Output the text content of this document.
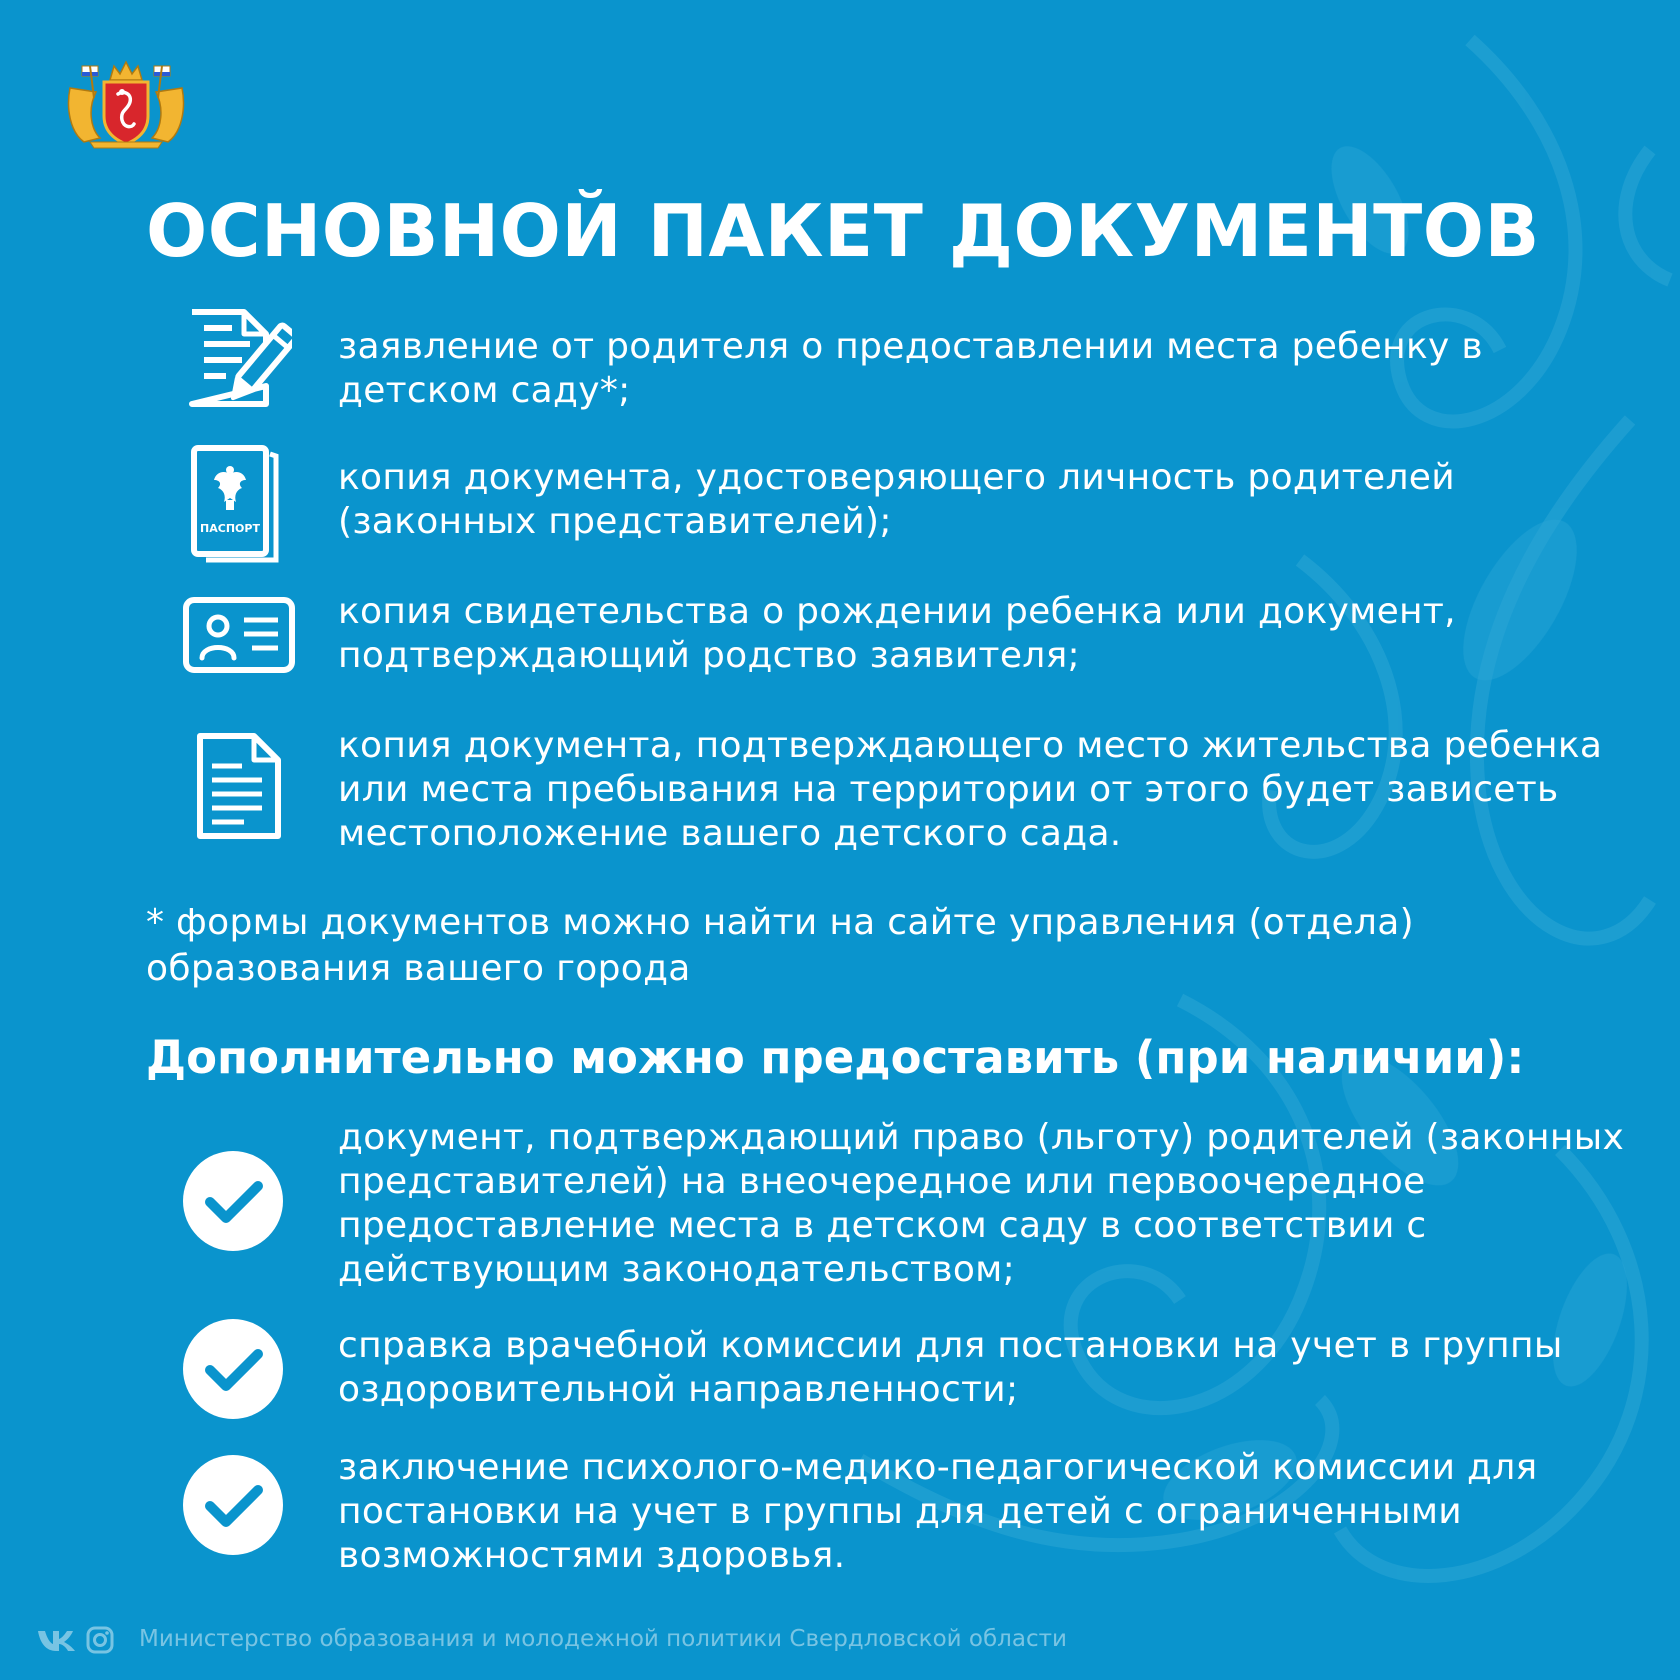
ОСНОВНОЙ ПАКЕТ ДОКУМЕНТОВ
заявление от родителя о предоставлении места ребенку в детском саду*;
ПАСПОРТ
копия документа, удостоверяющего личность родителей (законных представителей);
копия свидетельства о рождении ребенка или документ, подтверждающий родство заявителя;
копия документа, подтверждающего место жительства ребенка или места пребывания на территории от этого будет зависеть местоположение вашего детского сада.
* формы документов можно найти на сайте управления (отдела) образования вашего города
Дополнительно можно предоставить (при наличии):
документ, подтверждающий право (льготу) родителей (законных представителей) на внеочередное или первоочередное предоставление места в детском саду в соответствии с действующим законодательством;
справка врачебной комиссии для постановки на учет в группы оздоровительной направленности;
заключение психолого-медико-педагогической комиссии для постановки на учет в группы для детей с ограниченными возможностями здоровья.
Министерство образования и молодежной политики Свердловской области
